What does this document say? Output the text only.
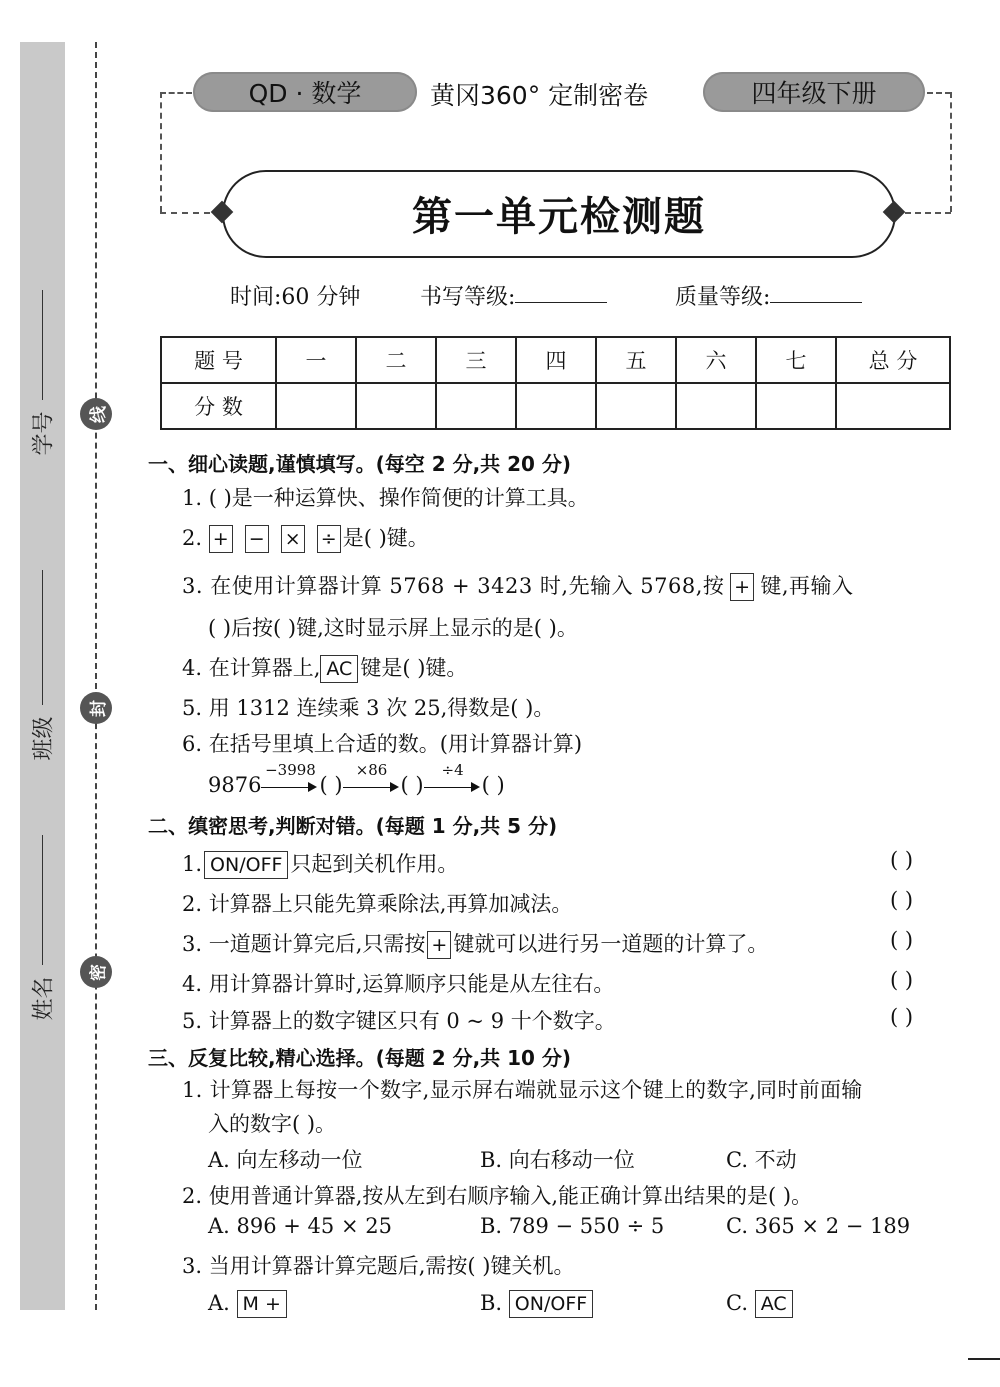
学号
班级
姓名
线
封
密
QD · 数学	黄冈360° 定制密卷	四年级下册
第一单元检测题
时间:60 分钟	书写等级:	质量等级:
题 号	一	二	三	四	五	六	七	总 分
分 数								
一、细心读题,谨慎填写。(每空 2 分,共 20 分)
1. ( )是一种运算快、操作简便的计算工具。
2. + − × ÷ 是( )键。
3. 在使用计算器计算 5768 + 3423 时,先输入 5768,按 + 键,再输入
( )后按( )键,这时显示屏上显示的是( )。
4. 在计算器上, AC 键是( )键。
5. 用 1312 连续乘 3 次 25,得数是( )。
6. 在括号里填上合适的数。(用计算器计算)
9876
−3998
( )
×86
( )
÷4
( )
二、缜密思考,判断对错。(每题 1 分,共 5 分)
1. ON/OFF 只起到关机作用。	( )
2. 计算器上只能先算乘除法,再算加减法。	( )
3. 一道题计算完后,只需按 + 键就可以进行另一道题的计算了。	( )
4. 用计算器计算时,运算顺序只能是从左往右。	( )
5. 计算器上的数字键区只有 0 ~ 9 十个数字。	( )
三、反复比较,精心选择。(每题 2 分,共 10 分)
1. 计算器上每按一个数字,显示屏右端就显示这个键上的数字,同时前面输
入的数字( )。
A. 向左移动一位	B. 向右移动一位	C. 不动
2. 使用普通计算器,按从左到右顺序输入,能正确计算出结果的是( )。
A. 896 + 45 × 25	B. 789 − 550 ÷ 5	C. 365 × 2 − 189
3. 当用计算器计算完题后,需按( )键关机。
A. M +	B. ON/OFF	C. AC
